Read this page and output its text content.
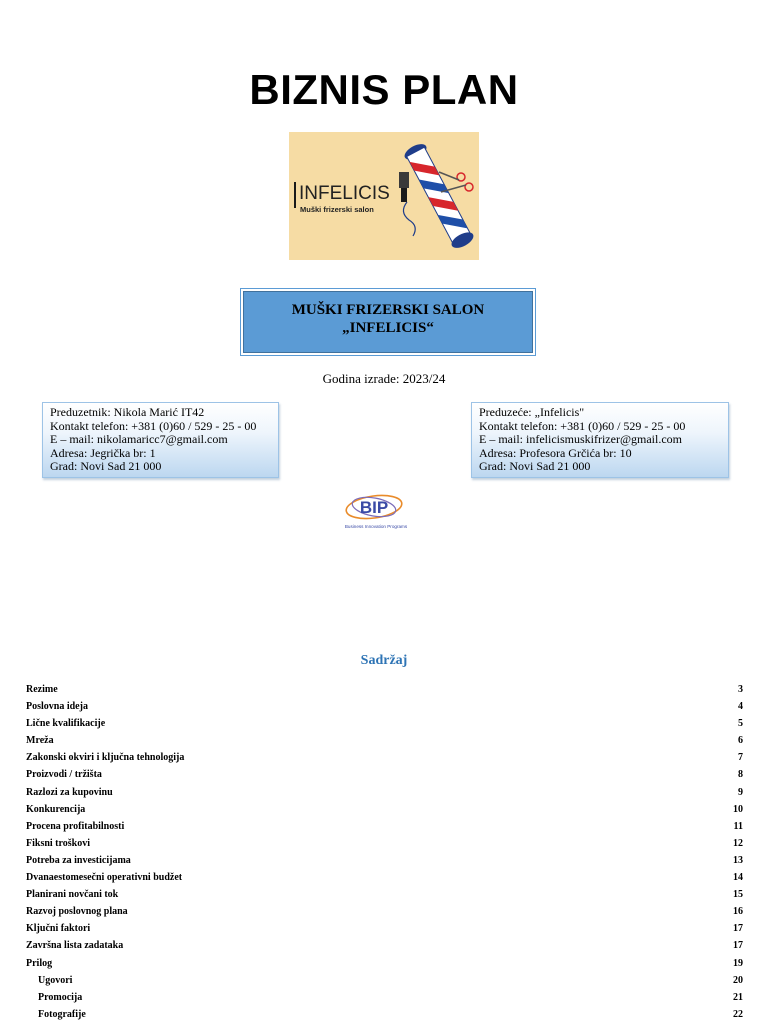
BIZNIS PLAN
INFELICIS
Muški frizerski salon
MUŠKI FRIZERSKI SALON
„INFELICIS“
Godina izrade: 2023/24
Preduzetnik: Nikola Marić IT42
Kontakt telefon: +381 (0)60 / 529 - 25 - 00
E – mail: nikolamaricc7@gmail.com
Adresa: Jegrička br: 1
Grad: Novi Sad 21 000
Preduzeće: „Infelicis"
Kontakt telefon: +381 (0)60 / 529 - 25 - 00
E – mail: infelicismuskifrizer@gmail.com
Adresa: Profesora Grčića br: 10
Grad: Novi Sad 21 000
BIP
Business Innovation Programs
Sadržaj
Rezime	3
Poslovna ideja	4
Lične kvalifikacije	5
Mreža	6
Zakonski okviri i ključna tehnologija	7
Proizvodi / tržišta	8
Razlozi za kupovinu	9
Konkurencija	10
Procena profitabilnosti	11
Fiksni troškovi	12
Potreba za investicijama	13
Dvanaestomesečni operativni budžet	14
Planirani novčani tok	15
Razvoj poslovnog plana	16
Ključni faktori	17
Završna lista zadataka	17
Prilog	19
Ugovori	20
Promocija	21
Fotografije	22
